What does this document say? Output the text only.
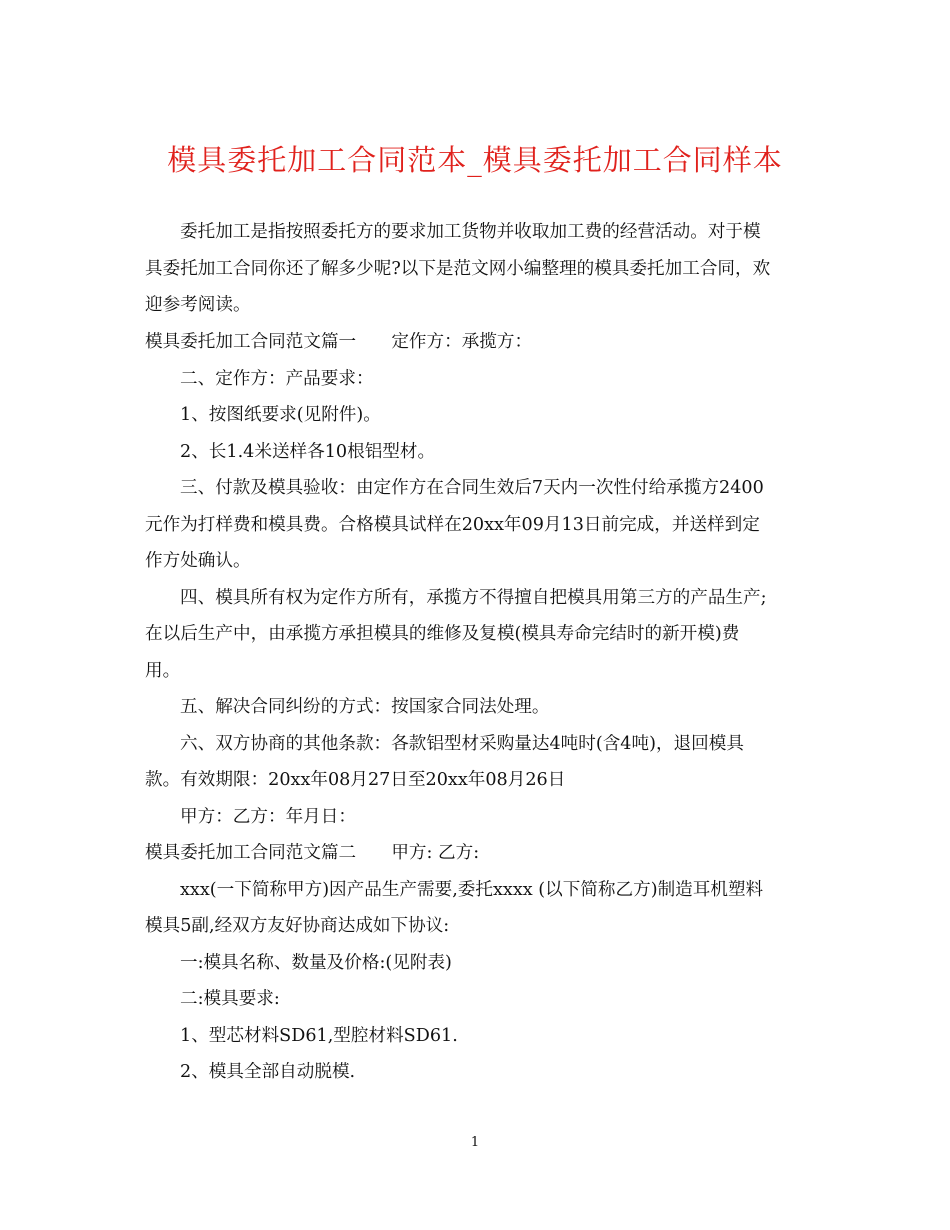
模具委托加工合同范本_模具委托加工合同样本
委托加工是指按照委托方的要求加工货物并收取加工费的经营活动。对于模
具委托加工合同你还了解多少呢?以下是范文网小编整理的模具委托加工合同，欢
迎参考阅读。
模具委托加工合同范文篇一　　定作方：承揽方：
二、定作方：产品要求：
1、按图纸要求(见附件)。
2、长1.4米送样各10根铝型材。
三、付款及模具验收：由定作方在合同生效后7天内一次性付给承揽方2400
元作为打样费和模具费。合格模具试样在20xx年09月13日前完成，并送样到定
作方处确认。
四、模具所有权为定作方所有，承揽方不得擅自把模具用第三方的产品生产;
在以后生产中，由承揽方承担模具的维修及复模(模具寿命完结时的新开模)费
用。
五、解决合同纠纷的方式：按国家合同法处理。
六、双方协商的其他条款：各款铝型材采购量达4吨时(含4吨)，退回模具
款。有效期限：20xx年08月27日至20xx年08月26日
甲方：乙方：年月日：
模具委托加工合同范文篇二　　甲方: 乙方:
xxx(一下简称甲方)因产品生产需要,委托xxxx (以下简称乙方)制造耳机塑料
模具5副,经双方友好协商达成如下协议:
一:模具名称、数量及价格:(见附表)
二:模具要求:
1、型芯材料SD61,型腔材料SD61.
2、模具全部自动脱模.
1
